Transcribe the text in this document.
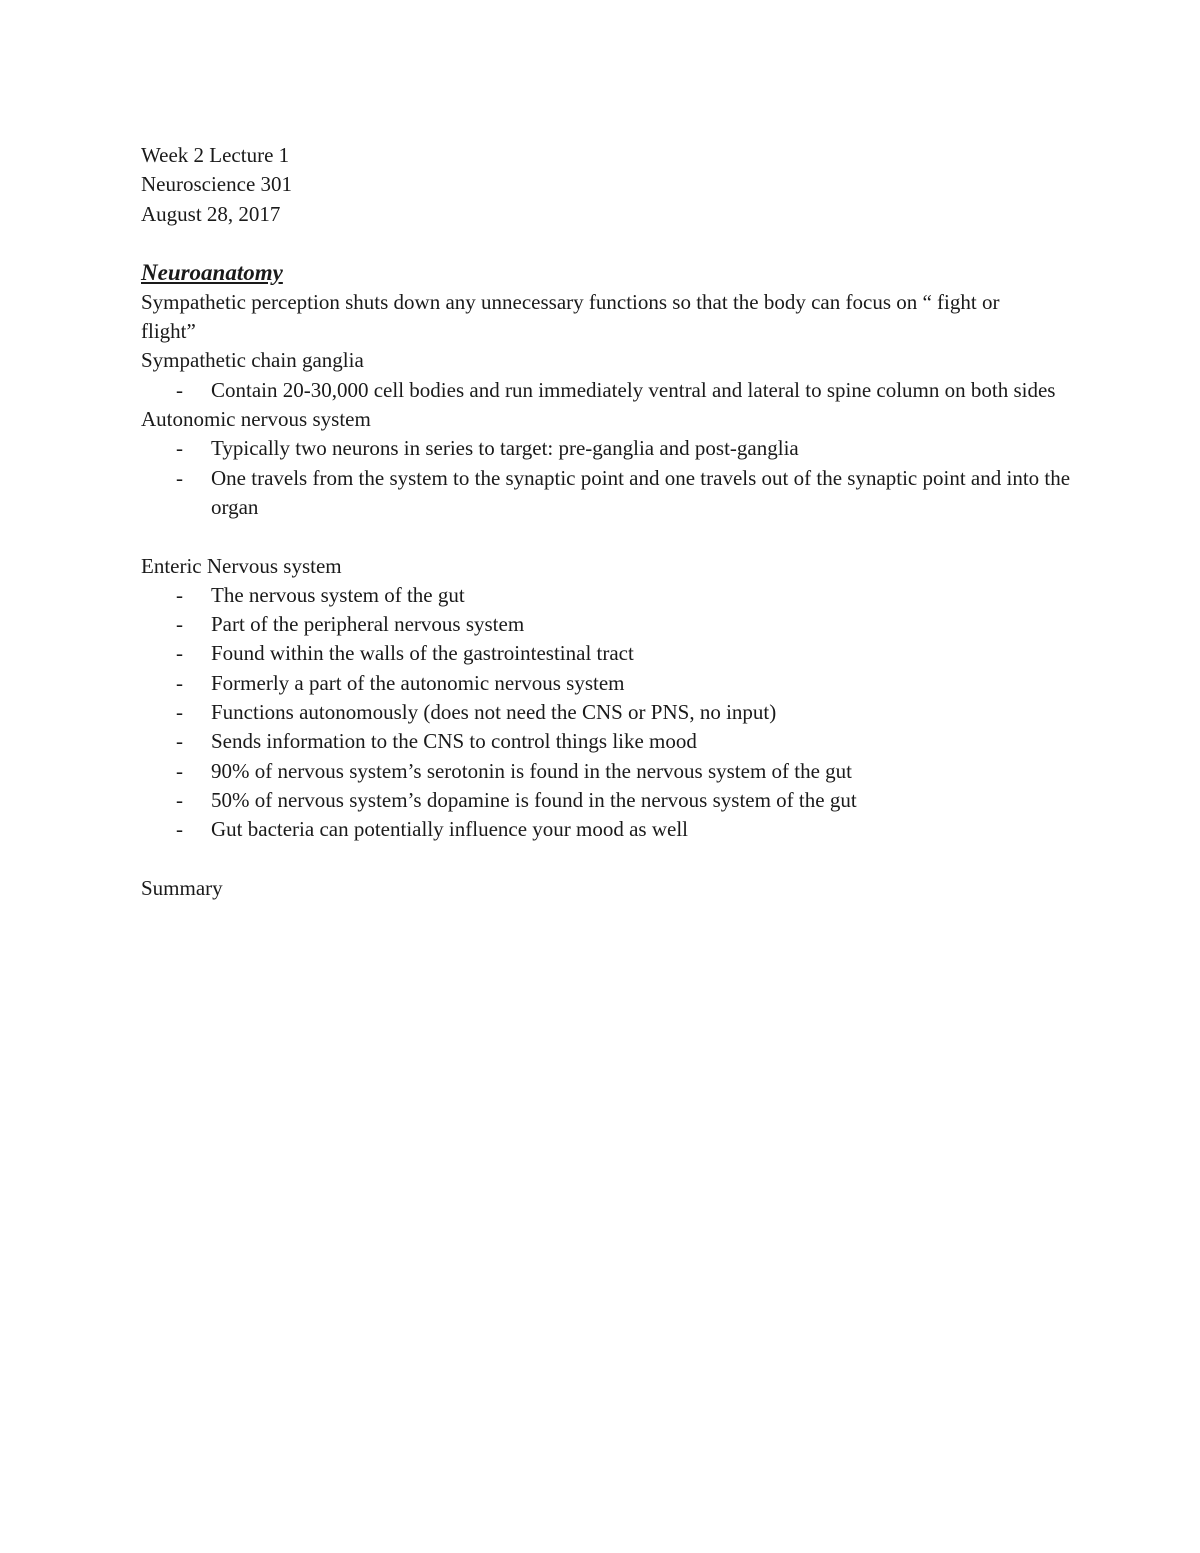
Week 2 Lecture 1

Neuroscience 301

August 28, 2017

Neuroanatomy

Sympathetic perception shuts down any unnecessary functions so that the body can focus on “ fight or flight”

Sympathetic chain ganglia

- Contain 20-30,000 cell bodies and run immediately ventral and lateral to spine column on both sides

Autonomic nervous system

- Typically two neurons in series to target: pre-ganglia and post-ganglia
- One travels from the system to the synaptic point and one travels out of the synaptic point and into the organ

Enteric Nervous system

- The nervous system of the gut
- Part of the peripheral nervous system
- Found within the walls of the gastrointestinal tract
- Formerly a part of the autonomic nervous system
- Functions autonomously (does not need the CNS or PNS, no input)
- Sends information to the CNS to control things like mood
- 90% of nervous system’s serotonin is found in the nervous system of the gut
- 50% of nervous system’s dopamine is found in the nervous system of the gut
- Gut bacteria can potentially influence your mood as well

Summary
